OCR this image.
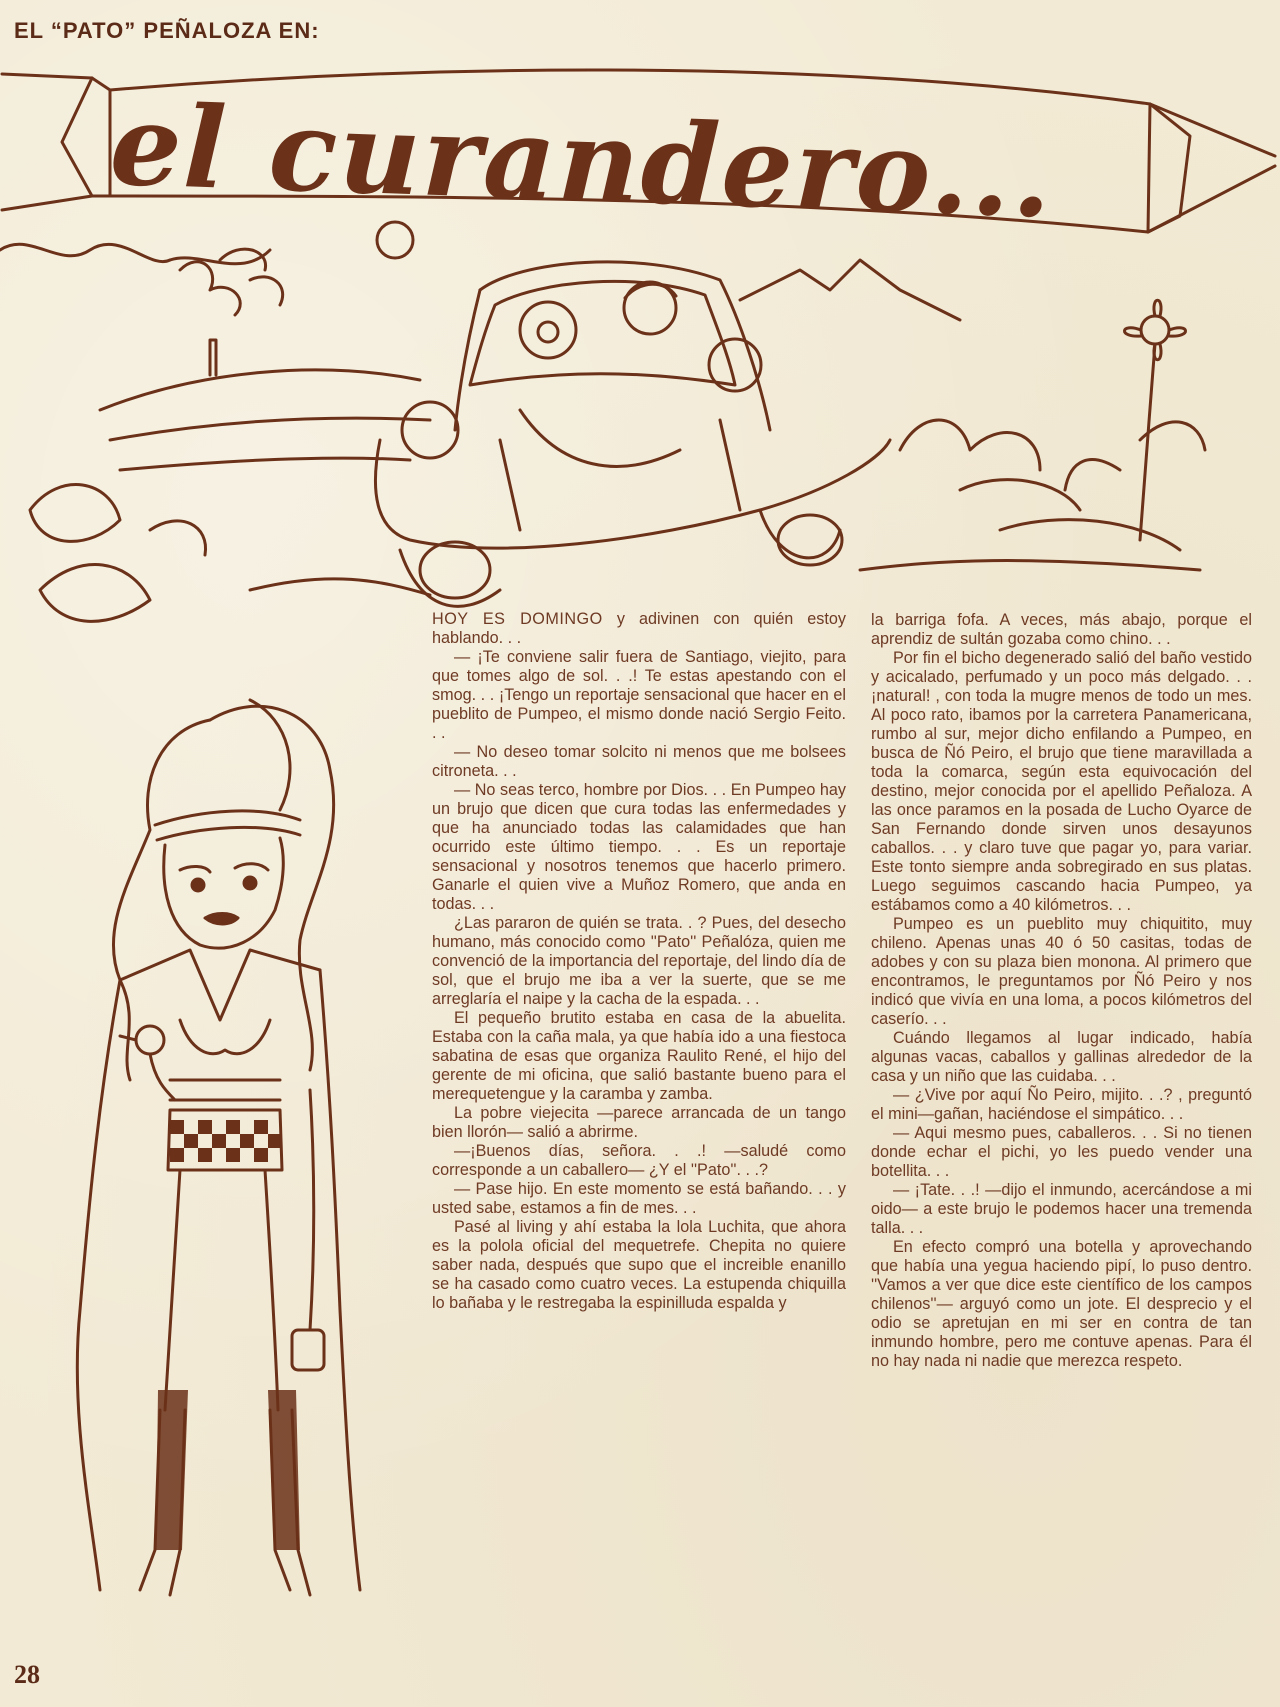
EL “PATO” PEÑALOZA EN:
el curandero...

HOY ES DOMINGO y adivinen con quién estoy hablando. . .

— ¡Te conviene salir fuera de Santiago, viejito, para que tomes algo de sol. . .! Te estas apestando con el smog. . . ¡Tengo un reportaje sensacional que hacer en el pueblito de Pumpeo, el mismo donde nació Sergio Feito. . .

— No deseo tomar solcito ni menos que me bolsees citroneta. . .

— No seas terco, hombre por Dios. . . En Pumpeo hay un brujo que dicen que cura todas las enfermedades y que ha anunciado todas las calamidades que han ocurrido este último tiempo. . . Es un reportaje sensacional y nosotros tenemos que hacerlo primero. Ganarle el quien vive a Muñoz Romero, que anda en todas. . .

¿Las pararon de quién se trata. . ? Pues, del desecho humano, más conocido como ''Pato'' Peñalóza, quien me convenció de la importancia del reportaje, del lindo día de sol, que el brujo me iba a ver la suerte, que se me arreglaría el naipe y la cacha de la espada. . .

El pequeño brutito estaba en casa de la abuelita. Estaba con la caña mala, ya que había ido a una fiestoca sabatina de esas que organiza Raulito René, el hijo del gerente de mi oficina, que salió bastante bueno para el merequetengue y la caramba y zamba.

La pobre viejecita —parece arrancada de un tango bien llorón— salió a abrirme.

—¡Buenos días, señora. . .! —saludé como corresponde a un caballero— ¿Y el ''Pato''. . .?

— Pase hijo. En este momento se está bañando. . . y usted sabe, estamos a fin de mes. . .

Pasé al living y ahí estaba la lola Luchita, que ahora es la polola oficial del mequetrefe. Chepita no quiere saber nada, después que supo que el increible enanillo se ha casado como cuatro veces. La estupenda chiquilla lo bañaba y le restregaba la espinilluda espalda y

la barriga fofa. A veces, más abajo, porque el aprendiz de sultán gozaba como chino. . .

Por fin el bicho degenerado salió del baño vestido y acicalado, perfumado y un poco más delgado. . . ¡natural! , con toda la mugre menos de todo un mes. Al poco rato, ibamos por la carretera Panamericana, rumbo al sur, mejor dicho enfilando a Pumpeo, en busca de Ñó Peiro, el brujo que tiene maravillada a toda la comarca, según esta equivocación del destino, mejor conocida por el apellido Peñaloza. A las once paramos en la posada de Lucho Oyarce de San Fernando donde sirven unos desayunos caballos. . . y claro tuve que pagar yo, para variar. Este tonto siempre anda sobregirado en sus platas. Luego seguimos cascando hacia Pumpeo, ya estábamos como a 40 kilómetros. . .

Pumpeo es un pueblito muy chiquitito, muy chileno. Apenas unas 40 ó 50 casitas, todas de adobes y con su plaza bien monona. Al primero que encontramos, le preguntamos por Ñó Peiro y nos indicó que vivía en una loma, a pocos kilómetros del caserío. . .

Cuándo llegamos al lugar indicado, había algunas vacas, caballos y gallinas alrededor de la casa y un niño que las cuidaba. . .

— ¿Vive por aquí Ño Peiro, mijito. . .? , preguntó el mini—gañan, haciéndose el simpático. . .

— Aqui mesmo pues, caballeros. . . Si no tienen donde echar el pichi, yo les puedo vender una botellita. . .

— ¡Tate. . .! —dijo el inmundo, acercándose a mi oido— a este brujo le podemos hacer una tremenda talla. . .

En efecto compró una botella y aprovechando que había una yegua haciendo pipí, lo puso dentro. ''Vamos a ver que dice este científico de los campos chilenos''— arguyó como un jote. El desprecio y el odio se apretujan en mi ser en contra de tan inmundo hombre, pero me contuve apenas. Para él no hay nada ni nadie que merezca respeto.

28
